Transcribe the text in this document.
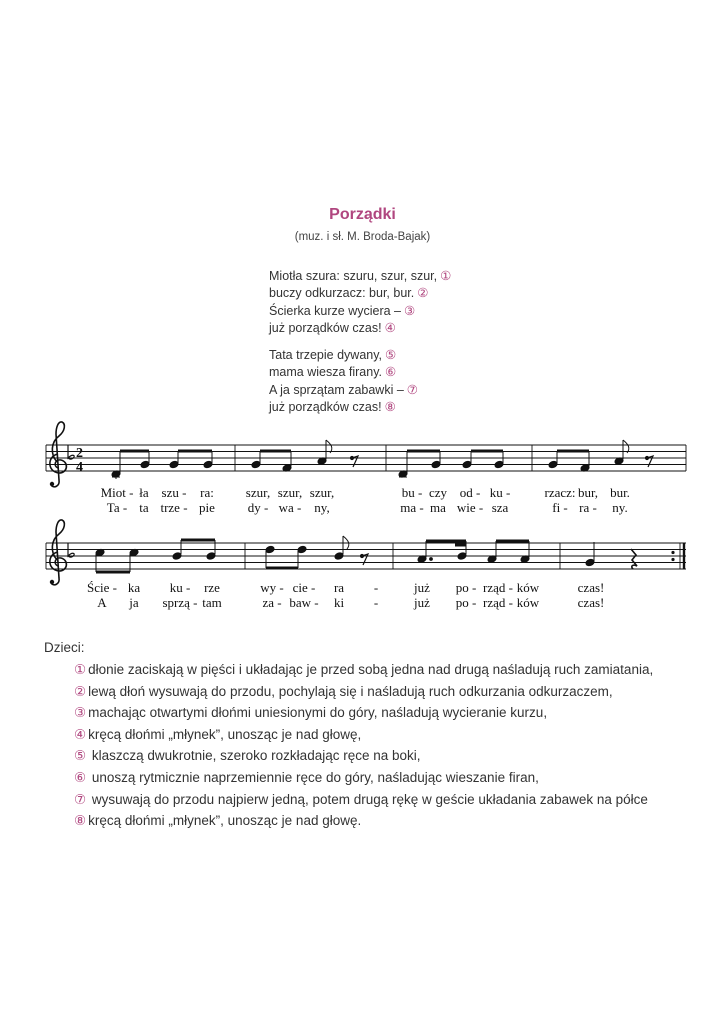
Porządki
(muz. i sł. M. Broda-Bajak)
Miotła szura: szuru, szur, szur, ①
buczy odkurzacz: bur, bur. ②
Ścierka kurze wyciera – ③
już porządków czas! ④
Tata trzepie dywany, ⑤
mama wiesza firany. ⑥
A ja sprzątam zabawki – ⑦
już porządków czas! ⑧
2
4
Miot - ła szu - ra: szur, szur, szur,	bu - czy od - ku -	rzacz: bur, bur.
Ta - ta trze - pie	dy - wa - ny,	ma - ma wie - sza	fi - ra - ny.
Ście - ka ku - rze	wy - cie - ra -	już po - rząd - ków	czas!
A ja sprzą - tam	za - baw - ki -	już po - rząd - ków	czas!
Dzieci:
① dłonie zaciskają w pięści i układając je przed sobą jedna nad drugą naśladują ruch zamiatania,
② lewą dłoń wysuwają do przodu, pochylają się i naśladują ruch odkurzania odkurzaczem,
③ machając otwartymi dłońmi uniesionymi do góry, naśladują wycieranie kurzu,
④ kręcą dłońmi „młynek”, unosząc je nad głowę,
⑤ klaszczą dwukrotnie, szeroko rozkładając ręce na boki,
⑥ unoszą rytmicznie naprzemiennie ręce do góry, naśladując wieszanie firan,
⑦ wysuwają do przodu najpierw jedną, potem drugą rękę w geście układania zabawek na półce
⑧ kręcą dłońmi „młynek”, unosząc je nad głowę.
